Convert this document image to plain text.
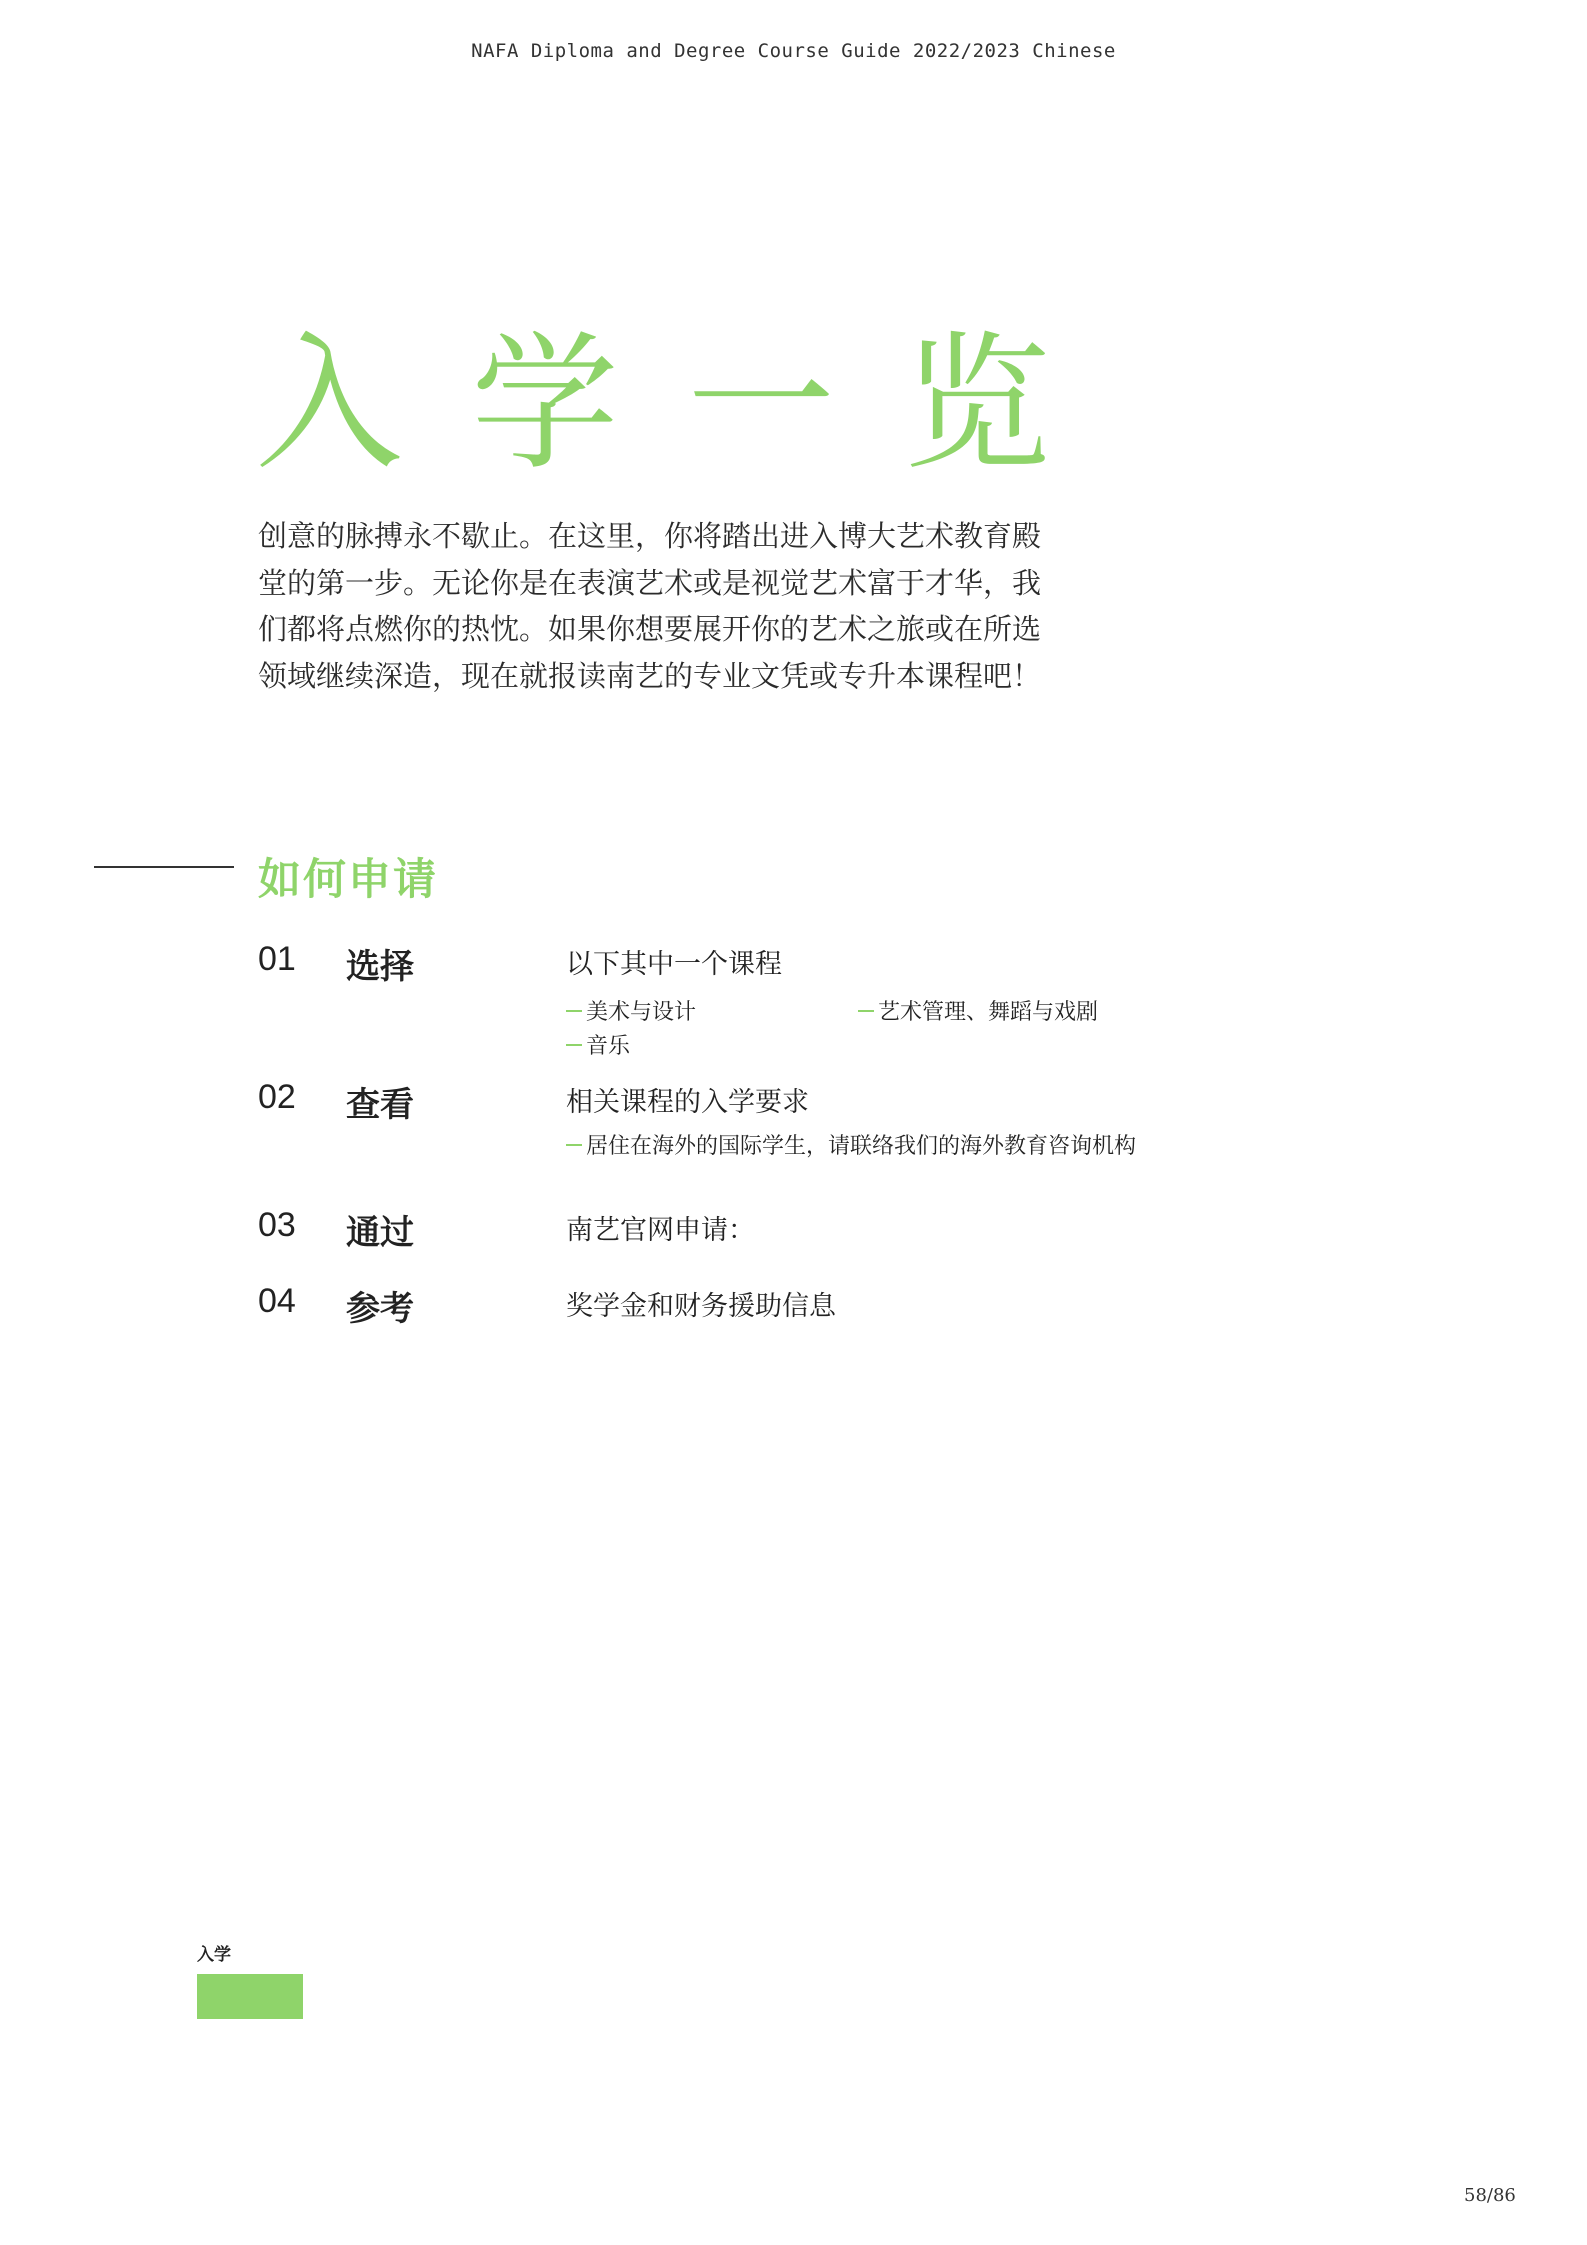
NAFA Diploma and Degree Course Guide 2022/2023 Chinese
入学一览
创意的脉搏永不歇止。在这里，你将踏出进入博大艺术教育殿
堂的第一步。无论你是在表演艺术或是视觉艺术富于才华，我
们都将点燃你的热忱。如果你想要展开你的艺术之旅或在所选
领域继续深造，现在就报读南艺的专业文凭或专升本课程吧！
如何申请
01 选择	以下其中一个课程
美术与设计	艺术管理、舞蹈与戏剧
音乐
02 查看	相关课程的入学要求
居住在海外的国际学生，请联络我们的海外教育咨询机构
03 通过	南艺官网申请：
04 参考	奖学金和财务援助信息
入学
58/86
